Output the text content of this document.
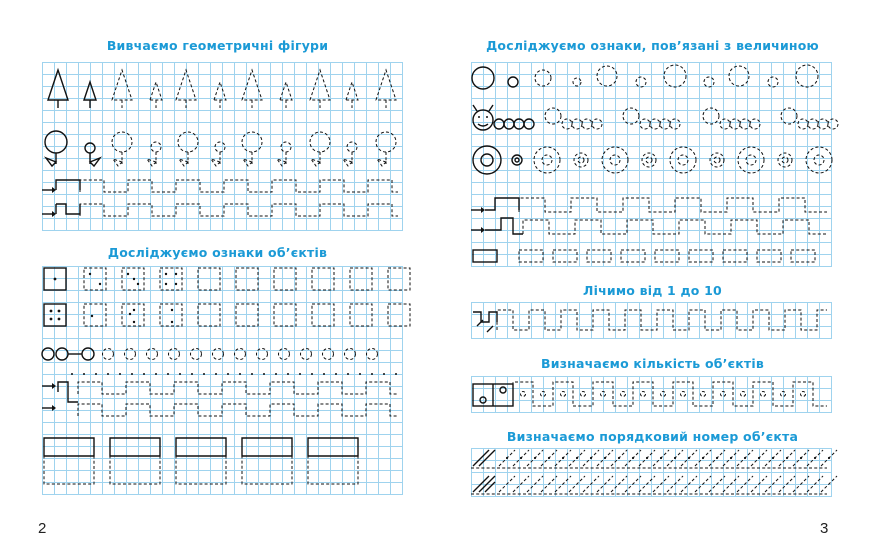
Вивчаємо геометричні фігури
Досліджуємо ознаки об’єктів
2
Досліджуємо ознаки, пов’язані з величиною
Лічимо від 1 до 10
Визначаємо кількість об’єктів
Визначаємо порядковий номер об’єкта
3
